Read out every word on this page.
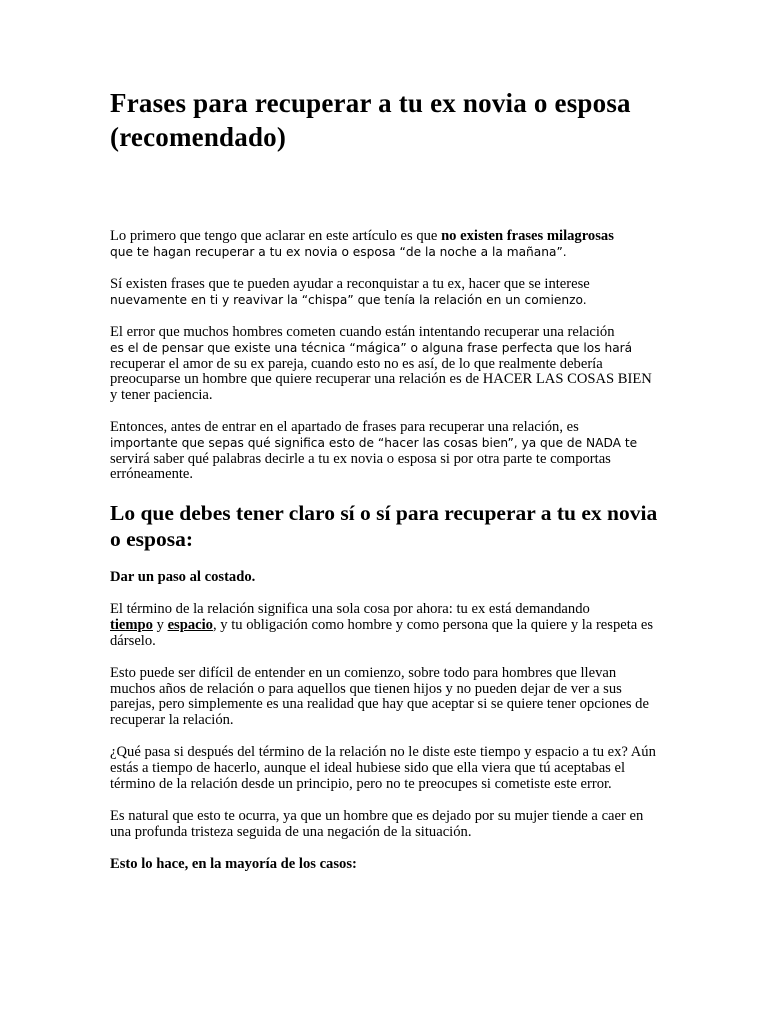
Frases para recuperar a tu ex novia o esposa (recomendado)

Lo primero que tengo que aclarar en este artículo es que no existen frases milagrosas
que te hagan recuperar a tu ex novia o esposa “de la noche a la mañana”.

Sí existen frases que te pueden ayudar a reconquistar a tu ex, hacer que se interese
nuevamente en ti y reavivar la “chispa” que tenía la relación en un comienzo.

El error que muchos hombres cometen cuando están intentando recuperar una relación
es el de pensar que existe una técnica “mágica” o alguna frase perfecta que los hará
recuperar el amor de su ex pareja, cuando esto no es así, de lo que realmente debería preocuparse un hombre que quiere recuperar una relación es de HACER LAS COSAS BIEN y tener paciencia.

Entonces, antes de entrar en el apartado de frases para recuperar una relación, es
importante que sepas qué significa esto de “hacer las cosas bien”, ya que de NADA te
servirá saber qué palabras decirle a tu ex novia o esposa si por otra parte te comportas erróneamente.

Lo que debes tener claro sí o sí para recuperar a tu ex novia o esposa:

Dar un paso al costado.

El término de la relación significa una sola cosa por ahora: tu ex está demandando
tiempo y espacio, y tu obligación como hombre y como persona que la quiere y la respeta es dárselo.

Esto puede ser difícil de entender en un comienzo, sobre todo para hombres que llevan muchos años de relación o para aquellos que tienen hijos y no pueden dejar de ver a sus parejas, pero simplemente es una realidad que hay que aceptar si se quiere tener opciones de recuperar la relación.

¿Qué pasa si después del término de la relación no le diste este tiempo y espacio a tu ex? Aún estás a tiempo de hacerlo, aunque el ideal hubiese sido que ella viera que tú aceptabas el término de la relación desde un principio, pero no te preocupes si cometiste este error.

Es natural que esto te ocurra, ya que un hombre que es dejado por su mujer tiende a caer en una profunda tristeza seguida de una negación de la situación.

Esto lo hace, en la mayoría de los casos:
